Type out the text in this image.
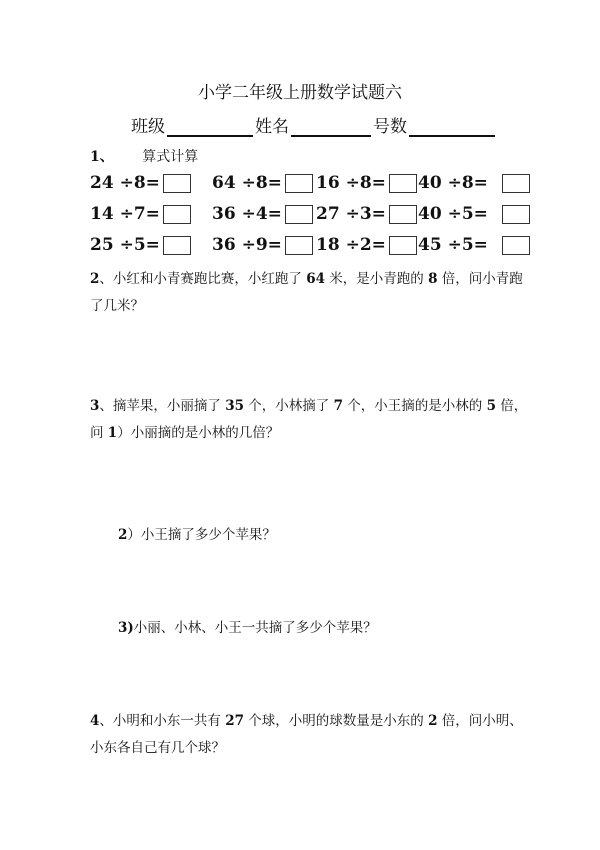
小学二年级上册数学试题六
班级	姓名	号数
1、 算式计算
24 ÷8=	64 ÷8= 16 ÷8= 40 ÷8=
14 ÷7=	36 ÷4= 27 ÷3= 40 ÷5=
25 ÷5=	36 ÷9= 18 ÷2= 45 ÷5=
2、小红和小青赛跑比赛，小红跑了 64 米，是小青跑的 8 倍，问小青跑了几米？
3、摘苹果，小丽摘了 35 个，小林摘了 7 个，小王摘的是小林的 5 倍，问 1）小丽摘的是小林的几倍？
2）小王摘了多少个苹果？
3)小丽、小林、小王一共摘了多少个苹果？
4、小明和小东一共有 27 个球，小明的球数量是小东的 2 倍，问小明、小东各自己有几个球？
